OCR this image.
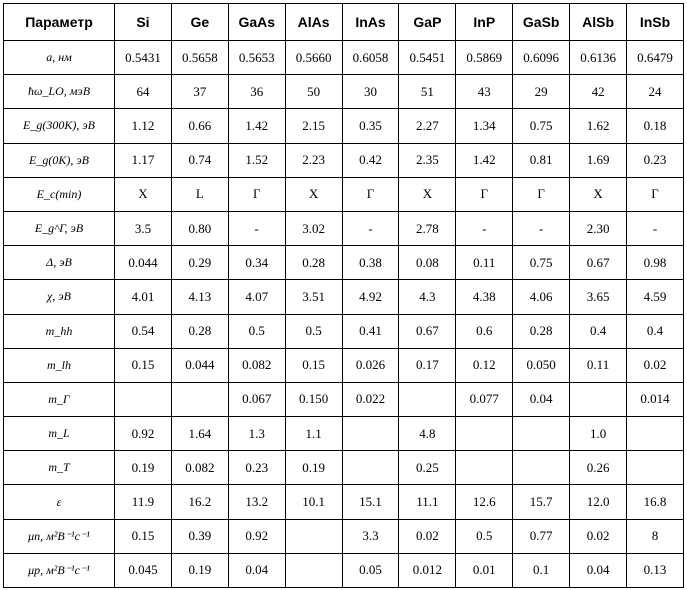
Параметр	Si	Ge	GaAs	AlAs	InAs	GaP	InP	GaSb	AlSb	InSb
a, нм	0.5431	0.5658	0.5653	0.5660	0.6058	0.5451	0.5869	0.6096	0.6136	0.6479
ħω_LO, мэВ	64	37	36	50	30	51	43	29	42	24
E_g(300K), эВ	1.12	0.66	1.42	2.15	0.35	2.27	1.34	0.75	1.62	0.18
E_g(0K), эВ	1.17	0.74	1.52	2.23	0.42	2.35	1.42	0.81	1.69	0.23
E_c(min)	X	L	Γ	X	Γ	X	Γ	Γ	X	Γ
E_g^Γ, эВ	3.5	0.80	-	3.02	-	2.78	-	-	2.30	-
Δ, эВ	0.044	0.29	0.34	0.28	0.38	0.08	0.11	0.75	0.67	0.98
χ, эВ	4.01	4.13	4.07	3.51	4.92	4.3	4.38	4.06	3.65	4.59
m_hh	0.54	0.28	0.5	0.5	0.41	0.67	0.6	0.28	0.4	0.4
m_lh	0.15	0.044	0.082	0.15	0.026	0.17	0.12	0.050	0.11	0.02
m_Γ			0.067	0.150	0.022		0.077	0.04		0.014
m_L	0.92	1.64	1.3	1.1		4.8			1.0	
m_T	0.19	0.082	0.23	0.19		0.25			0.26	
ε	11.9	16.2	13.2	10.1	15.1	11.1	12.6	15.7	12.0	16.8
μn, м²В⁻¹с⁻¹	0.15	0.39	0.92		3.3	0.02	0.5	0.77	0.02	8
μp, м²В⁻¹с⁻¹	0.045	0.19	0.04		0.05	0.012	0.01	0.1	0.04	0.13
